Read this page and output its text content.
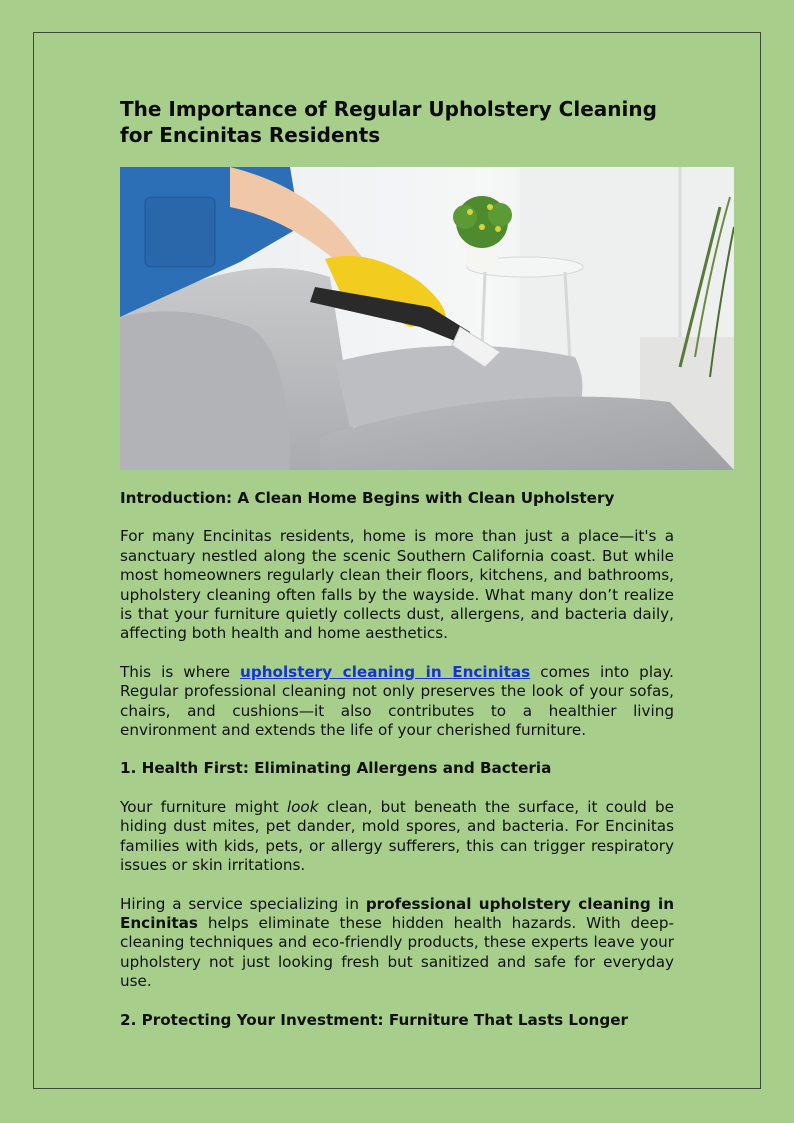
The Importance of Regular Upholstery Cleaning for Encinitas Residents
Introduction: A Clean Home Begins with Clean Upholstery

For many Encinitas residents, home is more than just a place—it's a sanctuary nestled along the scenic Southern California coast. But while most homeowners regularly clean their floors, kitchens, and bathrooms, upholstery cleaning often falls by the wayside. What many don’t realize is that your furniture quietly collects dust, allergens, and bacteria daily, affecting both health and home aesthetics.

This is where upholstery cleaning in Encinitas comes into play. Regular professional cleaning not only preserves the look of your sofas, chairs, and cushions—it also contributes to a healthier living environment and extends the life of your cherished furniture.

1. Health First: Eliminating Allergens and Bacteria

Your furniture might look clean, but beneath the surface, it could be hiding dust mites, pet dander, mold spores, and bacteria. For Encinitas families with kids, pets, or allergy sufferers, this can trigger respiratory issues or skin irritations.

Hiring a service specializing in professional upholstery cleaning in Encinitas helps eliminate these hidden health hazards. With deep-cleaning techniques and eco-friendly products, these experts leave your upholstery not just looking fresh but sanitized and safe for everyday use.

2. Protecting Your Investment: Furniture That Lasts Longer
